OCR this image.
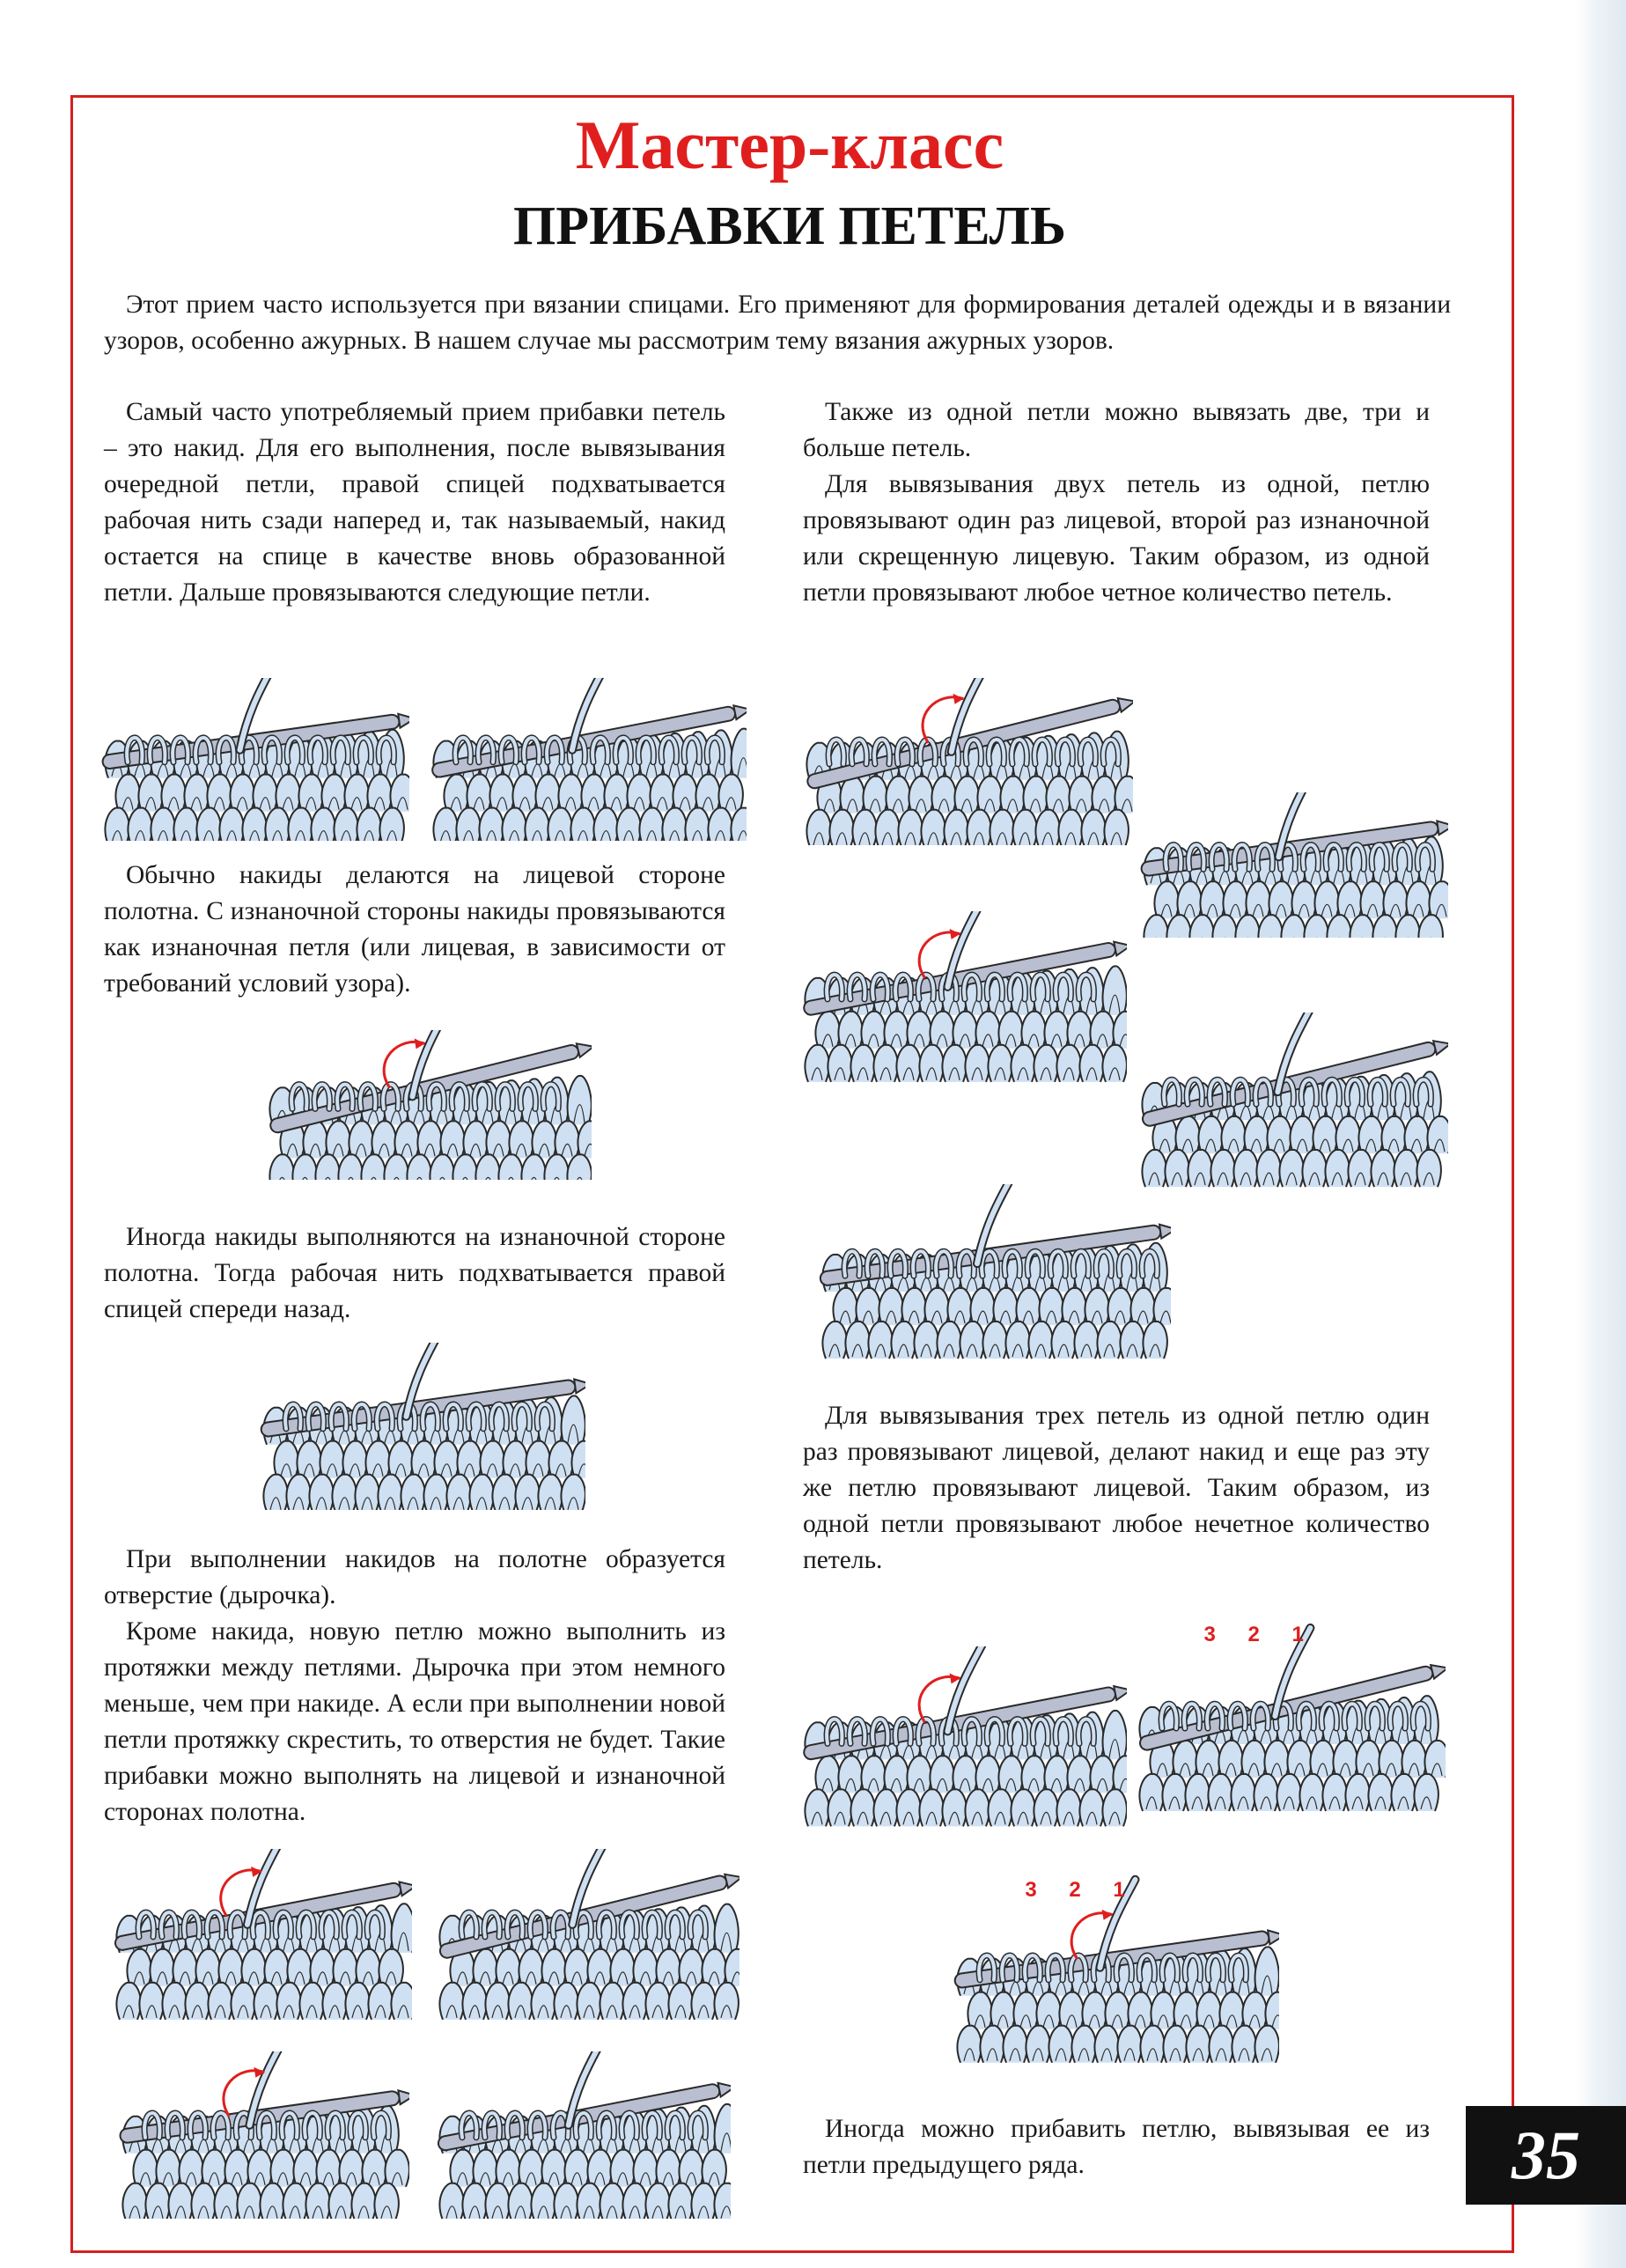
Мастер-класс
ПРИБАВКИ ПЕТЕЛЬ

Этот прием часто используется при вязании спицами. Его применяют для формирования деталей одежды и в вязании узоров, особенно ажурных. В нашем случае мы рассмотрим тему вязания ажурных узоров.

Самый часто употребляемый прием прибавки петель – это накид. Для его выполнения, после вывязывания очередной петли, правой спицей подхватывается рабочая нить сзади наперед и, так называемый, накид остается на спице в качестве вновь образованной петли. Дальше провязываются следующие петли.

Обычно накиды делаются на лицевой стороне полотна. С изнаночной стороны накиды провязываются как изнаночная петля (или лицевая, в зависимости от требований условий узора).

Иногда накиды выполняются на изнаночной стороне полотна. Тогда рабочая нить подхватывается правой спицей спереди назад.

При выполнении накидов на полотне образуется отверстие (дырочка).

Кроме накида, новую петлю можно выполнить из протяжки между петлями. Дырочка при этом немного меньше, чем при накиде. А если при выполнении новой петли протяжку скрестить, то отверстия не будет. Такие прибавки можно выполнять на лицевой и изнаночной сторонах полотна.

Также из одной петли можно вывязать две, три и больше петель.

Для вывязывания двух петель из одной, петлю провязывают один раз лицевой, второй раз изнаночной или скрещенную лицевую. Таким образом, из одной петли провязывают любое четное количество петель.

Для вывязывания трех петель из одной петлю один раз провязывают лицевой, делают накид и еще раз эту же петлю провязывают лицевой. Таким образом, из одной петли провязывают любое нечетное количество петель.

Иногда можно прибавить петлю, вывязывая ее из петли предыдущего ряда.	35
3 2 1
3 2 1
